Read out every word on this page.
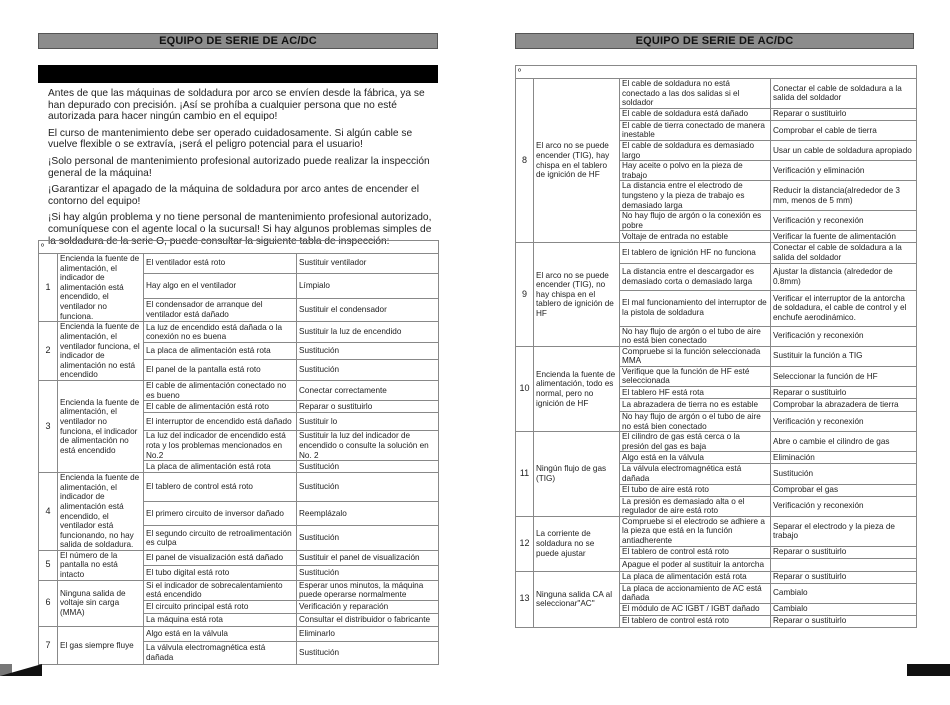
EQUIPO DE SERIE DE AC/DC

Antes de que las máquinas de soldadura por arco se envíen desde la fábrica, ya se han depurado con precisión. ¡Así se prohíba a cualquier persona que no esté autorizada para hacer ningún cambio en el equipo!

El curso de mantenimiento debe ser operado cuidadosamente. Si algún cable se vuelve flexible o se extravía, ¡será el peligro potencial para el usuario!

¡Solo personal de mantenimiento profesional autorizado puede realizar la inspección general de la máquina!

¡Garantizar el apagado de la máquina de soldadura por arco antes de encender el contorno del equipo!

¡Si hay algún problema y no tiene personal de mantenimiento profesional autorizado, comuníquese con el agente local o la sucursal! Si hay algunos problemas simples de la soldadura de la serie O, puede consultar la siguiente tabla de inspección:

º			
1	Encienda la fuente de alimentación, el indicador de alimentación está encendido, el ventilador no funciona.	El ventilador está roto	Sustituir ventilador
		Hay algo en el ventilador	Límpialo
		El condensador de arranque del ventilador está dañado	Sustituir el condensador
2	Encienda la fuente de alimentación, el ventilador funciona, el indicador de alimentación no está encendido	La luz de encendido está dañada o la conexión no es buena	Sustituir la luz de encendido
		La placa de alimentación está rota	Sustitución
		El panel de la pantalla está roto	Sustitución
3	Encienda la fuente de alimentación, el ventilador no funciona, el indicador de alimentación no está encendido	El cable de alimentación conectado no es bueno	Conectar correctamente
		El cable de alimentación está roto	Reparar o sustituirlo
		El interruptor de encendido está dañado	Sustituir lo
		La luz del indicador de encendido está rota y los problemas mencionados en No.2	Sustituir la luz del indicador de encendido o consulte la solución en No. 2
		La placa de alimentación está rota	Sustitución
4	Encienda la fuente de alimentación, el indicador de alimentación está encendido, el ventilador está funcionando, no hay salida de soldadura.	El tablero de control está roto	Sustitución
		El primero circuito de inversor dañado	Reemplázalo
		El segundo circuito de retroalimentación es culpa	Sustitución
5	El número de la pantalla no está intacto	El panel de visualización está dañado	Sustituir el panel de visualización
		El tubo digital está roto	Sustitución
6	Ninguna salida de voltaje sin carga (MMA)	Si el indicador de sobrecalentamiento está encendido	Esperar unos minutos, la máquina puede operarse normalmente
		El circuito principal está roto	Verificación y reparación
		La máquina está rota	Consultar el distribuidor o fabricante
7	El gas siempre fluye	Algo está en la válvula	Eliminarlo
		La válvula electromagnética está dañada	Sustitución
EQUIPO DE SERIE DE AC/DC
º			
8	El arco no se puede encender (TIG), hay chispa en el tablero de ignición de HF	El cable de soldadura no está conectado a las dos salidas si el soldador	Conectar el cable de soldadura a la salida del soldador
		El cable de soldadura está dañado	Reparar o sustituirlo
		El cable de tierra conectado de manera inestable	Comprobar el cable de tierra
		El cable de soldadura es demasiado largo	Usar un cable de soldadura apropiado
		Hay aceite o polvo en la pieza de trabajo	Verificación y eliminación
		La distancia entre el electrodo de tungsteno y la pieza de trabajo es demasiado larga	Reducir la distancia(alrededor de 3 mm, menos de 5 mm)
		No hay flujo de argón o la conexión es pobre	Verificación y reconexión
		Voltaje de entrada no estable	Verificar la fuente de alimentación
9	El arco no se puede encender (TIG), no hay chispa en el tablero de ignición de HF	El tablero de ignición HF no funciona	Conectar el cable de soldadura a la salida del soldador
		La distancia entre el descargador es demasiado corta o demasiado larga	Ajustar la distancia (alrededor de 0.8mm)
		El mal funcionamiento del interruptor de la pistola de soldadura	Verificar el interruptor de la antorcha de soldadura, el cable de control y el enchufe aerodinámico.
		No hay flujo de argón o el tubo de aire no está bien conectado	Verificación y reconexión
10	Encienda la fuente de alimentación, todo es normal, pero no ignición de HF	Compruebe si la función seleccionada MMA	Sustituir la función a TIG
		Verifique que la función de HF esté seleccionada	Seleccionar la función de HF
		El tablero HF está rota	Reparar o sustituirlo
		La abrazadera de tierra no es estable	Comprobar la abrazadera de tierra
		No hay flujo de argón o el tubo de aire no está bien conectado	Verificación y reconexión
11	Ningún flujo de gas (TIG)	El cilindro de gas está cerca o la presión del gas es baja	Abre o cambie el cilindro de gas
		Algo está en la válvula	Eliminación
		La válvula electromagnética está dañada	Sustitución
		El tubo de aire está roto	Comprobar el gas
		La presión es demasiado alta o el regulador de aire está roto	Verificación y reconexión
12	La corriente de soldadura no se puede ajustar	Compruebe si el electrodo se adhiere a la pieza que está en la función antiadherente	Separar el electrodo y la pieza de trabajo
		El tablero de control está roto	Reparar o sustituirlo
		Apague el poder al sustituir la antorcha	
13	Ninguna salida CA al seleccionar"AC"	La placa de alimentación está rota	Reparar o sustituirlo
		La placa de accionamiento de AC está dañada	Cambialo
		El módulo de AC IGBT / IGBT dañado	Cambialo
		El tablero de control está roto	Reparar o sustituirlo
